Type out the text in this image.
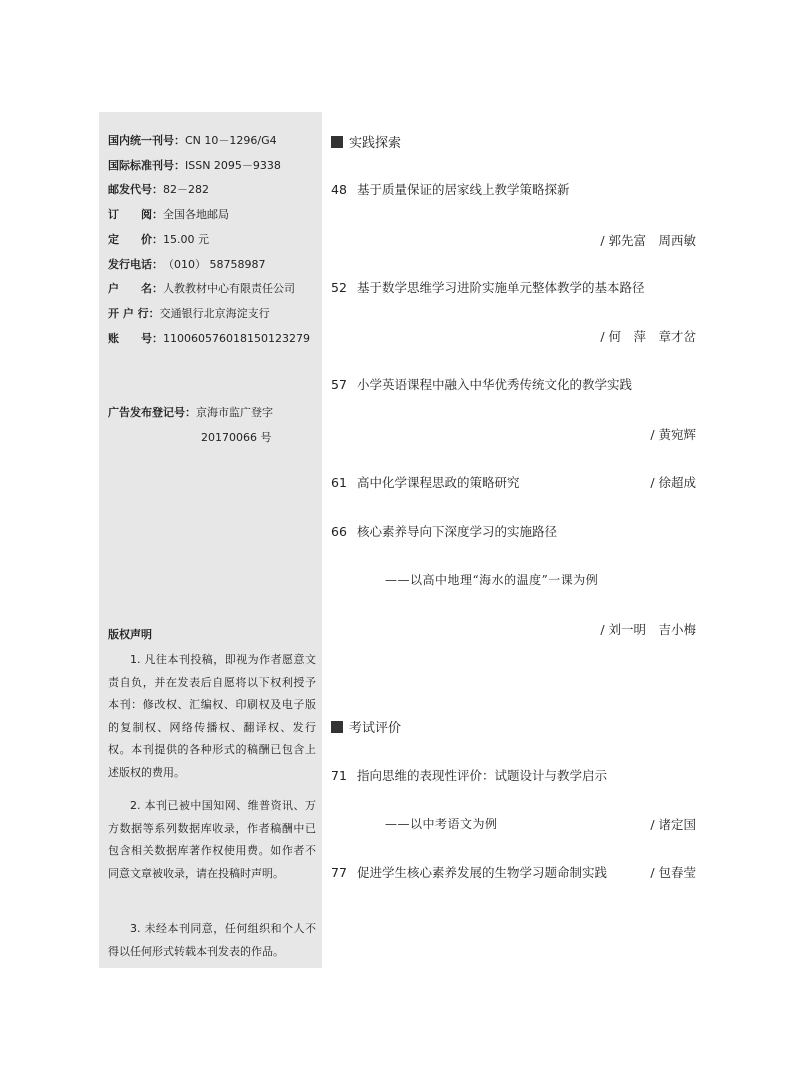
国内统一刊号：CN 10－1296/G4
国际标准刊号：ISSN 2095－9338
邮发代号：82－282
订　　阅：全国各地邮局
定　　价：15.00 元
发行电话：（010） 58758987
户　　名：人教教材中心有限责任公司
开 户 行：交通银行北京海淀支行
账　　号：110060576018150123279
广告发布登记号：京海市监广登字
20170066 号
版权声明

1. 凡往本刊投稿，即视为作者愿意文责自负，并在发表后自愿将以下权利授予本刊：修改权、汇编权、印刷权及电子版的复制权、网络传播权、翻译权、发行权。本刊提供的各种形式的稿酬已包含上述版权的费用。

2. 本刊已被中国知网、维普资讯、万方数据等系列数据库收录，作者稿酬中已包含相关数据库著作权使用费。如作者不同意文章被收录，请在投稿时声明。

3. 未经本刊同意，任何组织和个人不得以任何形式转载本刊发表的作品。

实践探索
48 基于质量保证的居家线上教学策略探新
/ 郭先富　周西敏
52 基于数学思维学习进阶实施单元整体教学的基本路径
/ 何　萍　章才岔
57 小学英语课程中融入中华优秀传统文化的教学实践
/ 黄宛辉
61 高中化学课程思政的策略研究	/ 徐超成
66 核心素养导向下深度学习的实施路径
——以高中地理“海水的温度”一课为例
/ 刘一明　吉小梅
考试评价
71 指向思维的表现性评价：试题设计与教学启示
——以中考语文为例	/ 诸定国
77 促进学生核心素养发展的生物学习题命制实践	/ 包春莹
